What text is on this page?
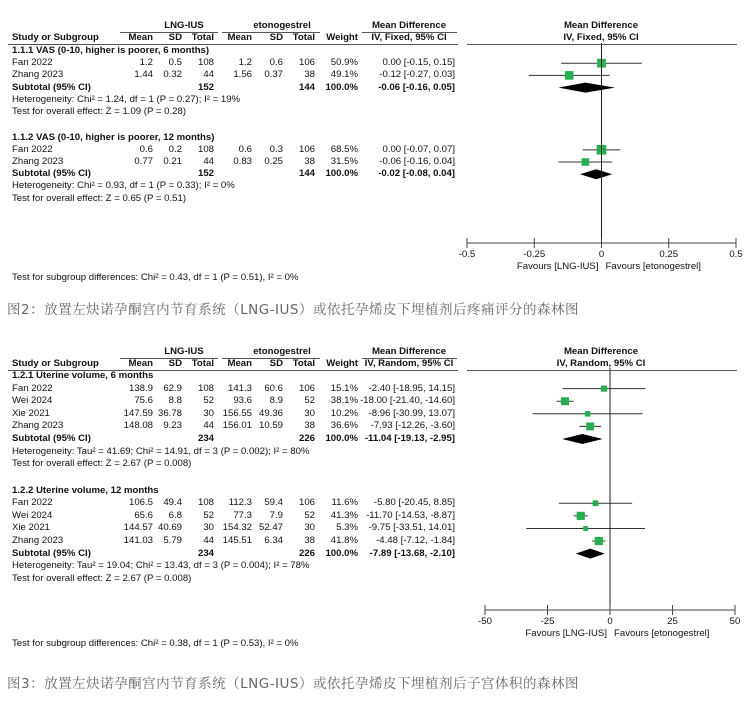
LNG-IUS	etonogestrel	Mean Difference	Mean Difference
Study or Subgroup	Mean SD Total Mean SD Total Weight	IV, Fixed, 95% CI	IV, Fixed, 95% CI
1.1.1 VAS (0-10, higher is poorer, 6 months)
Fan 2022	1.2 0.5 108	1.2 0.6 106 50.9%	0.00 [-0.15, 0.15]
Zhang 2023	1.44 0.32 44 1.56 0.37 38 49.1% -0.12 [-0.27, 0.03]
Subtotal (95% CI)	152	144 100.0% -0.06 [-0.16, 0.05]
Heterogeneity: Chi² = 1.24, df = 1 (P = 0.27); I² = 19%
Test for overall effect: Z = 1.09 (P = 0.28)
1.1.2 VAS (0-10, higher is poorer, 12 months)
Fan 2022	0.6 0.2 108	0.6 0.3 106 68.5%	0.00 [-0.07, 0.07]
Zhang 2023	0.77 0.21 44 0.83 0.25 38 31.5% -0.06 [-0.16, 0.04]
Subtotal (95% CI)	152	144 100.0% -0.02 [-0.08, 0.04]
Heterogeneity: Chi² = 0.93, df = 1 (P = 0.33); I² = 0%
Test for overall effect: Z = 0.65 (P = 0.51)
-0.5	-0.25	0	0.25	0.5
Favours [LNG-IUS] Favours [etonogestrel]
Test for subgroup differences: Chi² = 0.43, df = 1 (P = 0.51), I² = 0%
图2：放置左炔诺孕酮宫内节育系统（LNG-IUS）或依托孕烯皮下埋植剂后疼痛评分的森林图
LNG-IUS	etonogestrel	Mean Difference	Mean Difference
Study or Subgroup	Mean SD Total Mean SD Total Weight IV, Random, 95% CI	IV, Random, 95% CI
1.2.1 Uterine volume, 6 months
Fan 2022	138.9 62.9 108 141.3 60.6 106 15.1% -2.40 [-18.95, 14.15]
Wei 2024	75.6 8.8 52 93.6 8.9 52 38.1% -18.00 [-21.40, -14.60]
Xie 2021	147.59 36.78 30 156.55 49.36 30 10.2% -8.96 [-30.99, 13.07]
Zhang 2023	148.08 9.23 44 156.01 10.59 38 36.6% -7.93 [-12.26, -3.60]
Subtotal (95% CI)	234	226 100.0% -11.04 [-19.13, -2.95]
Heterogeneity: Tau² = 41.69; Chi² = 14.91, df = 3 (P = 0.002); I² = 80%
Test for overall effect: Z = 2.67 (P = 0.008)
1.2.2 Uterine volume, 12 months
Fan 2022	106.5 49.4 108 112.3 59.4 106 11.6% -5.80 [-20.45, 8.85]
Wei 2024	65.6 6.8 52 77.3 7.9 52 41.3% -11.70 [-14.53, -8.87]
Xie 2021	144.57 40.69 30 154.32 52.47 30 5.3% -9.75 [-33.51, 14.01]
Zhang 2023	141.03 5.79 44 145.51 6.34 38 41.8% -4.48 [-7.12, -1.84]
Subtotal (95% CI)	234	226 100.0% -7.89 [-13.68, -2.10]
Heterogeneity: Tau² = 19.04; Chi² = 13.43, df = 3 (P = 0.004); I² = 78%
Test for overall effect: Z = 2.67 (P = 0.008)
-50	-25	0	25	50
Favours [LNG-IUS] Favours [etonogestrel]
Test for subgroup differences: Chi² = 0.38, df = 1 (P = 0.53), I² = 0%
图3：放置左炔诺孕酮宫内节育系统（LNG-IUS）或依托孕烯皮下埋植剂后子宫体积的森林图
